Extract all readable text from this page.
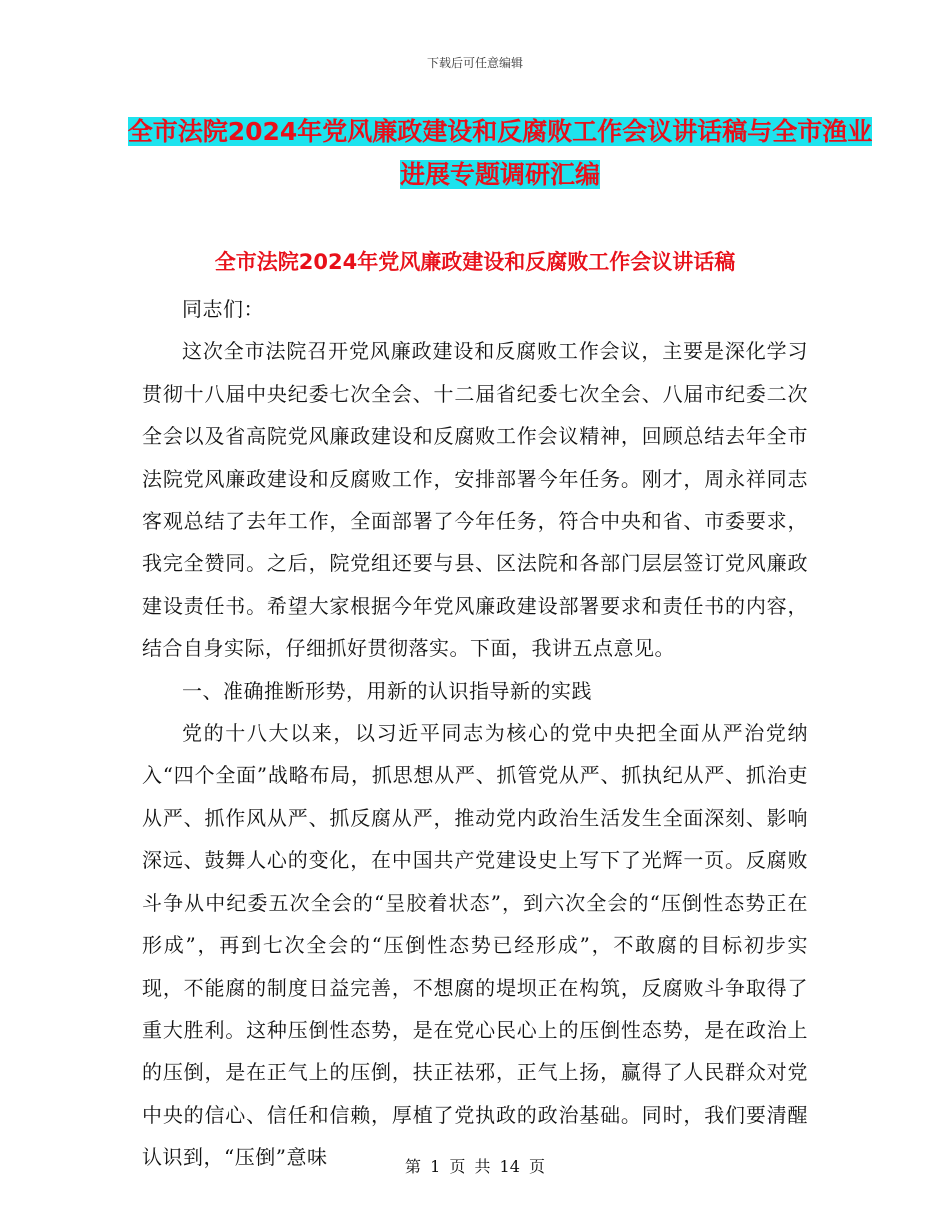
下载后可任意编辑
全市法院2024年党风廉政建设和反腐败工作会议讲话稿与全市渔业进展专题调研汇编
全市法院2024年党风廉政建设和反腐败工作会议讲话稿

同志们：

这次全市法院召开党风廉政建设和反腐败工作会议，主要是深化学习贯彻十八届中央纪委七次全会、十二届省纪委七次全会、八届市纪委二次全会以及省高院党风廉政建设和反腐败工作会议精神，回顾总结去年全市法院党风廉政建设和反腐败工作，安排部署今年任务。刚才，周永祥同志客观总结了去年工作，全面部署了今年任务，符合中央和省、市委要求，我完全赞同。之后，院党组还要与县、区法院和各部门层层签订党风廉政建设责任书。希望大家根据今年党风廉政建设部署要求和责任书的内容，结合自身实际，仔细抓好贯彻落实。下面，我讲五点意见。

一、准确推断形势，用新的认识指导新的实践

党的十八大以来，以习近平同志为核心的党中央把全面从严治党纳入“四个全面”战略布局，抓思想从严、抓管党从严、抓执纪从严、抓治吏从严、抓作风从严、抓反腐从严，推动党内政治生活发生全面深刻、影响深远、鼓舞人心的变化，在中国共产党建设史上写下了光辉一页。反腐败斗争从中纪委五次全会的“呈胶着状态”，到六次全会的“压倒性态势正在形成”，再到七次全会的“压倒性态势已经形成”，不敢腐的目标初步实现，不能腐的制度日益完善，不想腐的堤坝正在构筑，反腐败斗争取得了重大胜利。这种压倒性态势，是在党心民心上的压倒性态势，是在政治上的压倒，是在正气上的压倒，扶正祛邪，正气上扬，赢得了人民群众对党中央的信心、信任和信赖，厚植了党执政的政治基础。同时，我们要清醒认识到，“压倒”意味	第 1 页 共 14 页
